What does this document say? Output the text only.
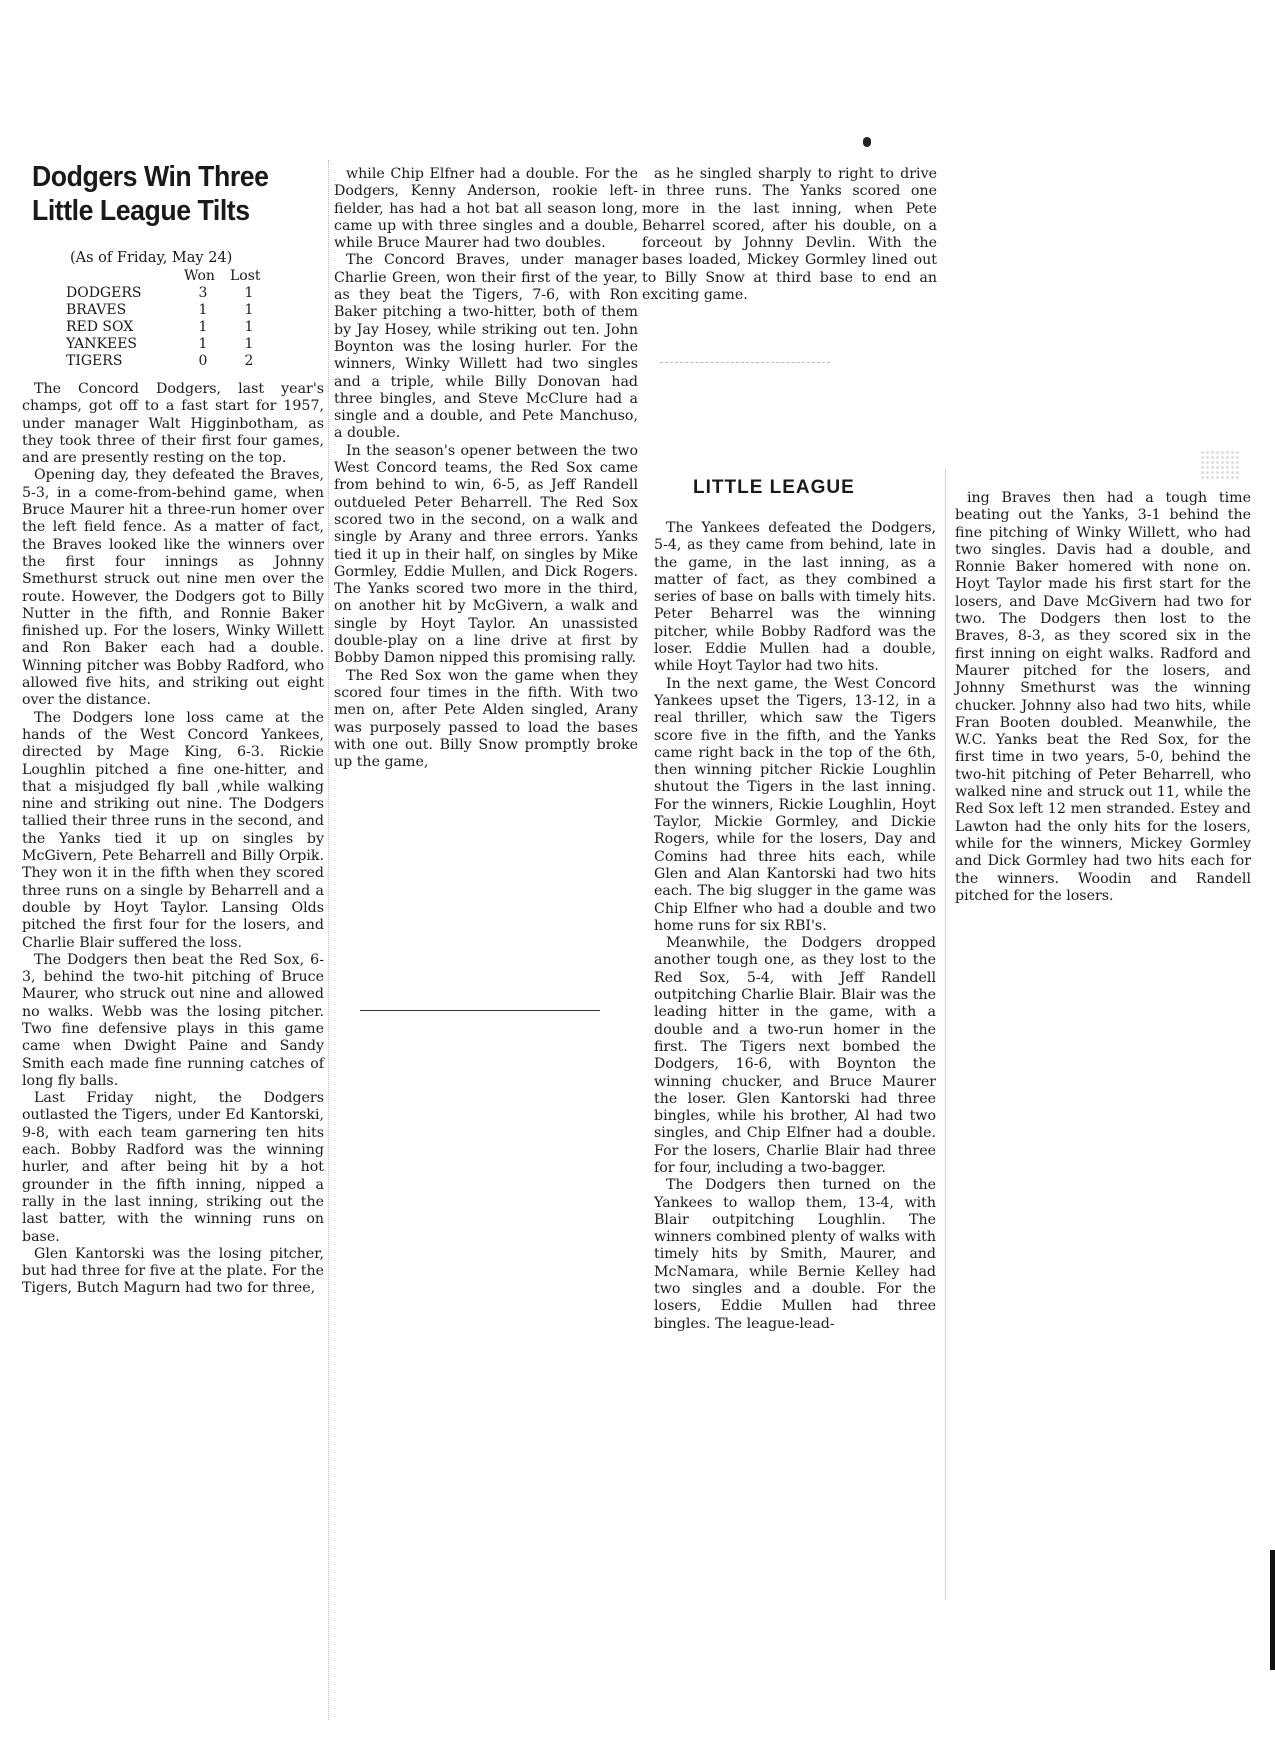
Dodgers Win Three Little League Tilts
(As of Friday, May 24)
	Won	Lost
DODGERS	3	1
BRAVES	1	1
RED SOX	1	1
YANKEES	1	1
TIGERS	0	2

The Concord Dodgers, last year's champs, got off to a fast start for 1957, under manager Walt Higginbotham, as they took three of their first four games, and are presently resting on the top.

Opening day, they defeated the Braves, 5-3, in a come-from-behind game, when Bruce Maurer hit a three-run homer over the left field fence. As a matter of fact, the Braves looked like the winners over the first four innings as Johnny Smethurst struck out nine men over the route. However, the Dodgers got to Billy Nutter in the fifth, and Ronnie Baker finished up. For the losers, Winky Willett and Ron Baker each had a double. Winning pitcher was Bobby Radford, who allowed five hits, and striking out eight over the distance.

The Dodgers lone loss came at the hands of the West Concord Yankees, directed by Mage King, 6-3. Rickie Loughlin pitched a fine one-hitter, and that a misjudged fly ball ,while walking nine and striking out nine. The Dodgers tallied their three runs in the second, and the Yanks tied it up on singles by McGivern, Pete Beharrell and Billy Orpik. They won it in the fifth when they scored three runs on a single by Beharrell and a double by Hoyt Taylor. Lansing Olds pitched the first four for the losers, and Charlie Blair suffered the loss.

The Dodgers then beat the Red Sox, 6-3, behind the two-hit pitching of Bruce Maurer, who struck out nine and allowed no walks. Webb was the losing pitcher. Two fine defensive plays in this game came when Dwight Paine and Sandy Smith each made fine running catches of long fly balls.

Last Friday night, the Dodgers outlasted the Tigers, under Ed Kantorski, 9-8, with each team garnering ten hits each. Bobby Radford was the winning hurler, and after being hit by a hot grounder in the fifth inning, nipped a rally in the last inning, striking out the last batter, with the winning runs on base.

Glen Kantorski was the losing pitcher, but had three for five at the plate. For the Tigers, Butch Magurn had two for three,

while Chip Elfner had a double. For the Dodgers, Kenny Anderson, rookie left-fielder, has had a hot bat all season long, came up with three singles and a double, while Bruce Maurer had two doubles.

The Concord Braves, under manager Charlie Green, won their first of the year, as they beat the Tigers, 7-6, with Ron Baker pitching a two-hitter, both of them by Jay Hosey, while striking out ten. John Boynton was the losing hurler. For the winners, Winky Willett had two singles and a triple, while Billy Donovan had three bingles, and Steve McClure had a single and a double, and Pete Manchuso, a double.

In the season's opener between the two West Concord teams, the Red Sox came from behind to win, 6-5, as Jeff Randell outdueled Peter Beharrell. The Red Sox scored two in the second, on a walk and single by Arany and three errors. Yanks tied it up in their half, on singles by Mike Gormley, Eddie Mullen, and Dick Rogers. The Yanks scored two more in the third, on another hit by McGivern, a walk and single by Hoyt Taylor. An unassisted double-play on a line drive at first by Bobby Damon nipped this promising rally.

The Red Sox won the game when they scored four times in the fifth. With two men on, after Pete Alden singled, Arany was purposely passed to load the bases with one out. Billy Snow promptly broke up the game,

as he singled sharply to right to drive in three runs. The Yanks scored one more in the last inning, when Pete Beharrel scored, after his double, on a forceout by Johnny Devlin. With the bases loaded, Mickey Gormley lined out to Billy Snow at third base to end an exciting game.

LITTLE LEAGUE

The Yankees defeated the Dodgers, 5-4, as they came from behind, late in the game, in the last inning, as a matter of fact, as they combined a series of base on balls with timely hits. Peter Beharrel was the winning pitcher, while Bobby Radford was the loser. Eddie Mullen had a double, while Hoyt Taylor had two hits.

In the next game, the West Concord Yankees upset the Tigers, 13-12, in a real thriller, which saw the Tigers score five in the fifth, and the Yanks came right back in the top of the 6th, then winning pitcher Rickie Loughlin shutout the Tigers in the last inning. For the winners, Rickie Loughlin, Hoyt Taylor, Mickie Gormley, and Dickie Rogers, while for the losers, Day and Comins had three hits each, while Glen and Alan Kantorski had two hits each. The big slugger in the game was Chip Elfner who had a double and two home runs for six RBI's.

Meanwhile, the Dodgers dropped another tough one, as they lost to the Red Sox, 5-4, with Jeff Randell outpitching Charlie Blair. Blair was the leading hitter in the game, with a double and a two-run homer in the first. The Tigers next bombed the Dodgers, 16-6, with Boynton the winning chucker, and Bruce Maurer the loser. Glen Kantorski had three bingles, while his brother, Al had two singles, and Chip Elfner had a double. For the losers, Charlie Blair had three for four, including a two-bagger.

The Dodgers then turned on the Yankees to wallop them, 13-4, with Blair outpitching Loughlin. The winners combined plenty of walks with timely hits by Smith, Maurer, and McNamara, while Bernie Kelley had two singles and a double. For the losers, Eddie Mullen had three bingles. The league-lead-

ing Braves then had a tough time beating out the Yanks, 3-1 behind the fine pitching of Winky Willett, who had two singles. Davis had a double, and Ronnie Baker homered with none on. Hoyt Taylor made his first start for the losers, and Dave McGivern had two for two. The Dodgers then lost to the Braves, 8-3, as they scored six in the first inning on eight walks. Radford and Maurer pitched for the losers, and Johnny Smethurst was the winning chucker. Johnny also had two hits, while Fran Booten doubled. Meanwhile, the W.C. Yanks beat the Red Sox, for the first time in two years, 5-0, behind the two-hit pitching of Peter Beharrell, who walked nine and struck out 11, while the Red Sox left 12 men stranded. Estey and Lawton had the only hits for the losers, while for the winners, Mickey Gormley and Dick Gormley had two hits each for the winners. Woodin and Randell pitched for the losers.
